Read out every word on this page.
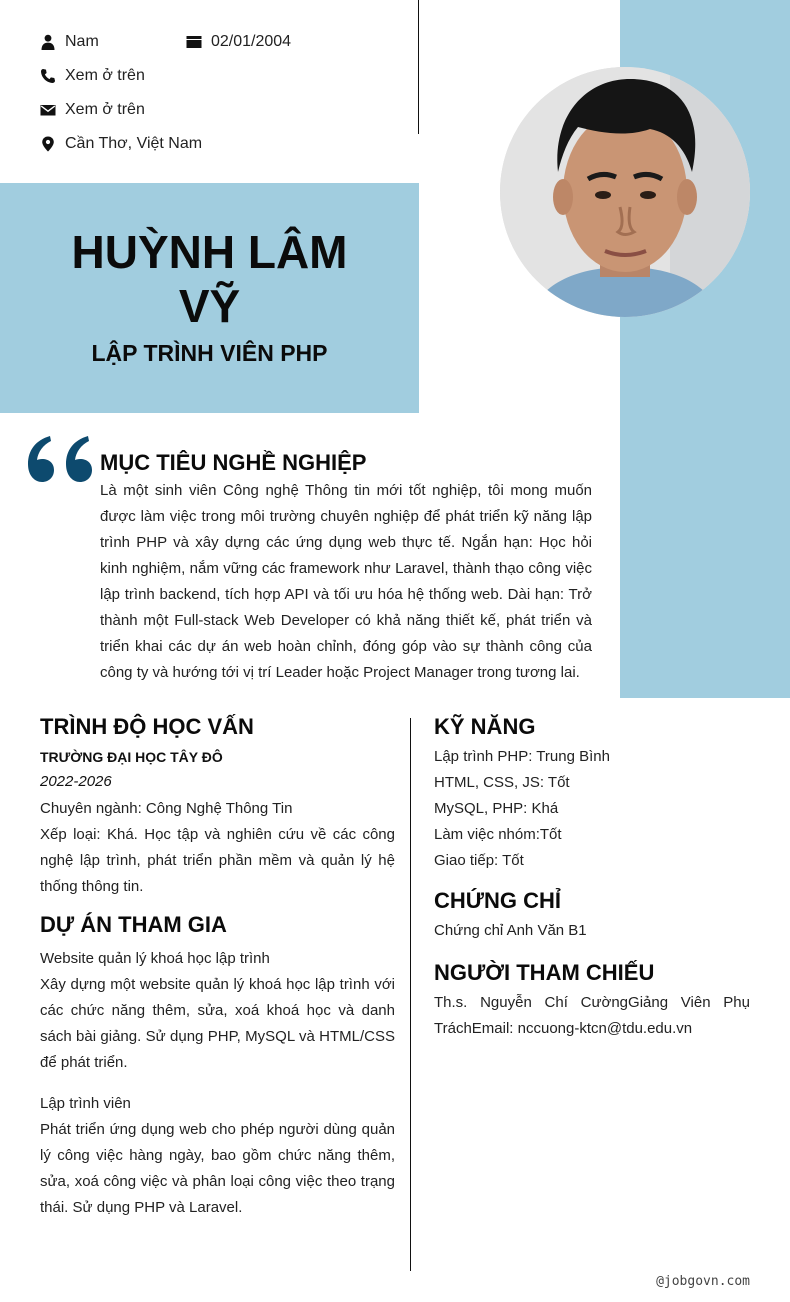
Nam	02/01/2004
Xem ở trên
Xem ở trên
Cần Thơ, Việt Nam
HUỲNH LÂM
VỸ
LẬP TRÌNH VIÊN PHP
MỤC TIÊU NGHỀ NGHIỆP
Là một sinh viên Công nghệ Thông tin mới tốt nghiệp, tôi mong muốn được làm việc trong môi trường chuyên nghiệp để phát triển kỹ năng lập trình PHP và xây dựng các ứng dụng web thực tế. Ngắn hạn: Học hỏi kinh nghiệm, nắm vững các framework như Laravel, thành thạo công việc lập trình backend, tích hợp API và tối ưu hóa hệ thống web. Dài hạn: Trở thành một Full-stack Web Developer có khả năng thiết kế, phát triển và triển khai các dự án web hoàn chỉnh, đóng góp vào sự thành công của công ty và hướng tới vị trí Leader hoặc Project Manager trong tương lai.
TRÌNH ĐỘ HỌC VẤN
TRƯỜNG ĐẠI HỌC TÂY ĐÔ
2022-2026
Chuyên ngành: Công Nghệ Thông Tin
Xếp loại: Khá. Học tập và nghiên cứu về các công nghệ lập trình, phát triển phần mềm và quản lý hệ thống thông tin.
DỰ ÁN THAM GIA
Website quản lý khoá học lập trình
Xây dựng một website quản lý khoá học lập trình với các chức năng thêm, sửa, xoá khoá học và danh sách bài giảng. Sử dụng PHP, MySQL và HTML/CSS để phát triển.
Lập trình viên
Phát triển ứng dụng web cho phép người dùng quản lý công việc hàng ngày, bao gồm chức năng thêm, sửa, xoá công việc và phân loại công việc theo trạng thái. Sử dụng PHP và Laravel.
KỸ NĂNG
Lập trình PHP: Trung Bình
HTML, CSS, JS: Tốt
MySQL, PHP: Khá
Làm việc nhóm:Tốt
Giao tiếp: Tốt
CHỨNG CHỈ
Chứng chỉ Anh Văn B1
NGƯỜI THAM CHIẾU
Th.s. Nguyễn Chí CườngGiảng Viên Phụ TráchEmail: nccuong-ktcn@tdu.edu.vn
@jobgovn.com
